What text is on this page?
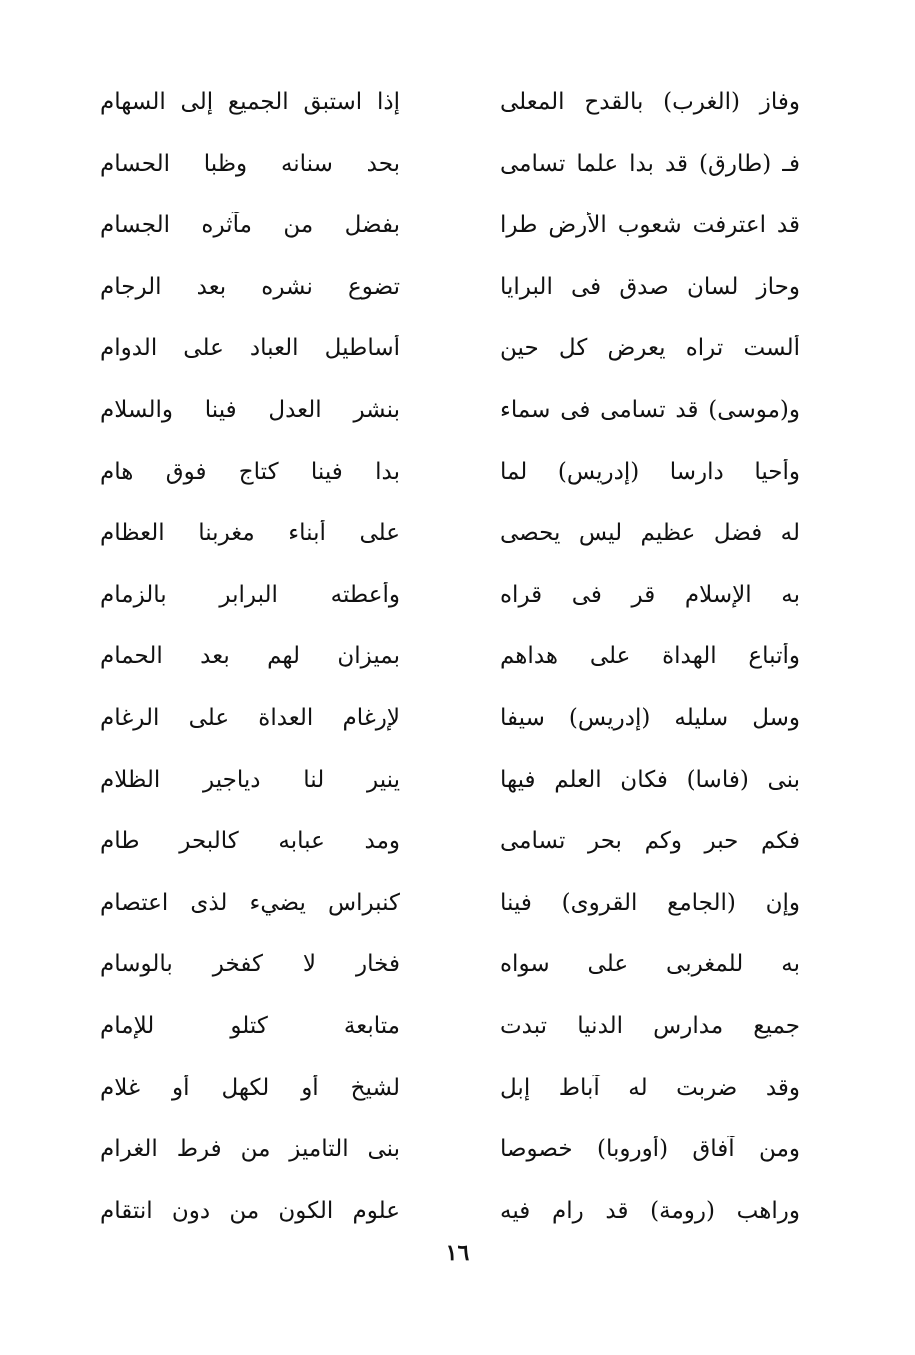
وفاز (الغرب) بالقدح المعلى
إذا استبق الجميع إلى السهام
فـ (طارق) قد بدا علما تسامى
بحد سنانه وظبا الحسام
قد اعترفت شعوب الأرض طرا
بفضل من مآثره الجسام
وحاز لسان صدق فى البرايا
تضوع نشره بعد الرجام
ألست تراه يعرض كل حين
أساطيل العباد على الدوام
و(موسى) قد تسامى فى سماء
بنشر العدل فينا والسلام
وأحيا دارسا (إدريس) لما
بدا فينا كتاج فوق هام
له فضل عظيم ليس يحصى
على أبناء مغربنا العظام
به الإسلام قر فى قراه
وأعطته البرابر بالزمام
وأتباع الهداة على هداهم
بميزان لهم بعد الحمام
وسل سليله (إدريس) سيفا
لإرغام العداة على الرغام
بنى (فاسا) فكان العلم فيها
ينير لنا دياجير الظلام
فكم حبر وكم بحر تسامى
ومد عبابه كالبحر طام
وإن (الجامع القروى) فينا
كنبراس يضيء لذى اعتصام
به للمغربى على سواه
فخار لا كفخر بالوسام
جميع مدارس الدنيا تبدت
متابعة كتلو للإمام
وقد ضربت له آباط إبل
لشيخ أو لكهل أو غلام
ومن آفاق (أوروبا) خصوصا
بنى التاميز من فرط الغرام
وراهب (رومة) قد رام فيه
علوم الكون من دون انتقام
١٦
